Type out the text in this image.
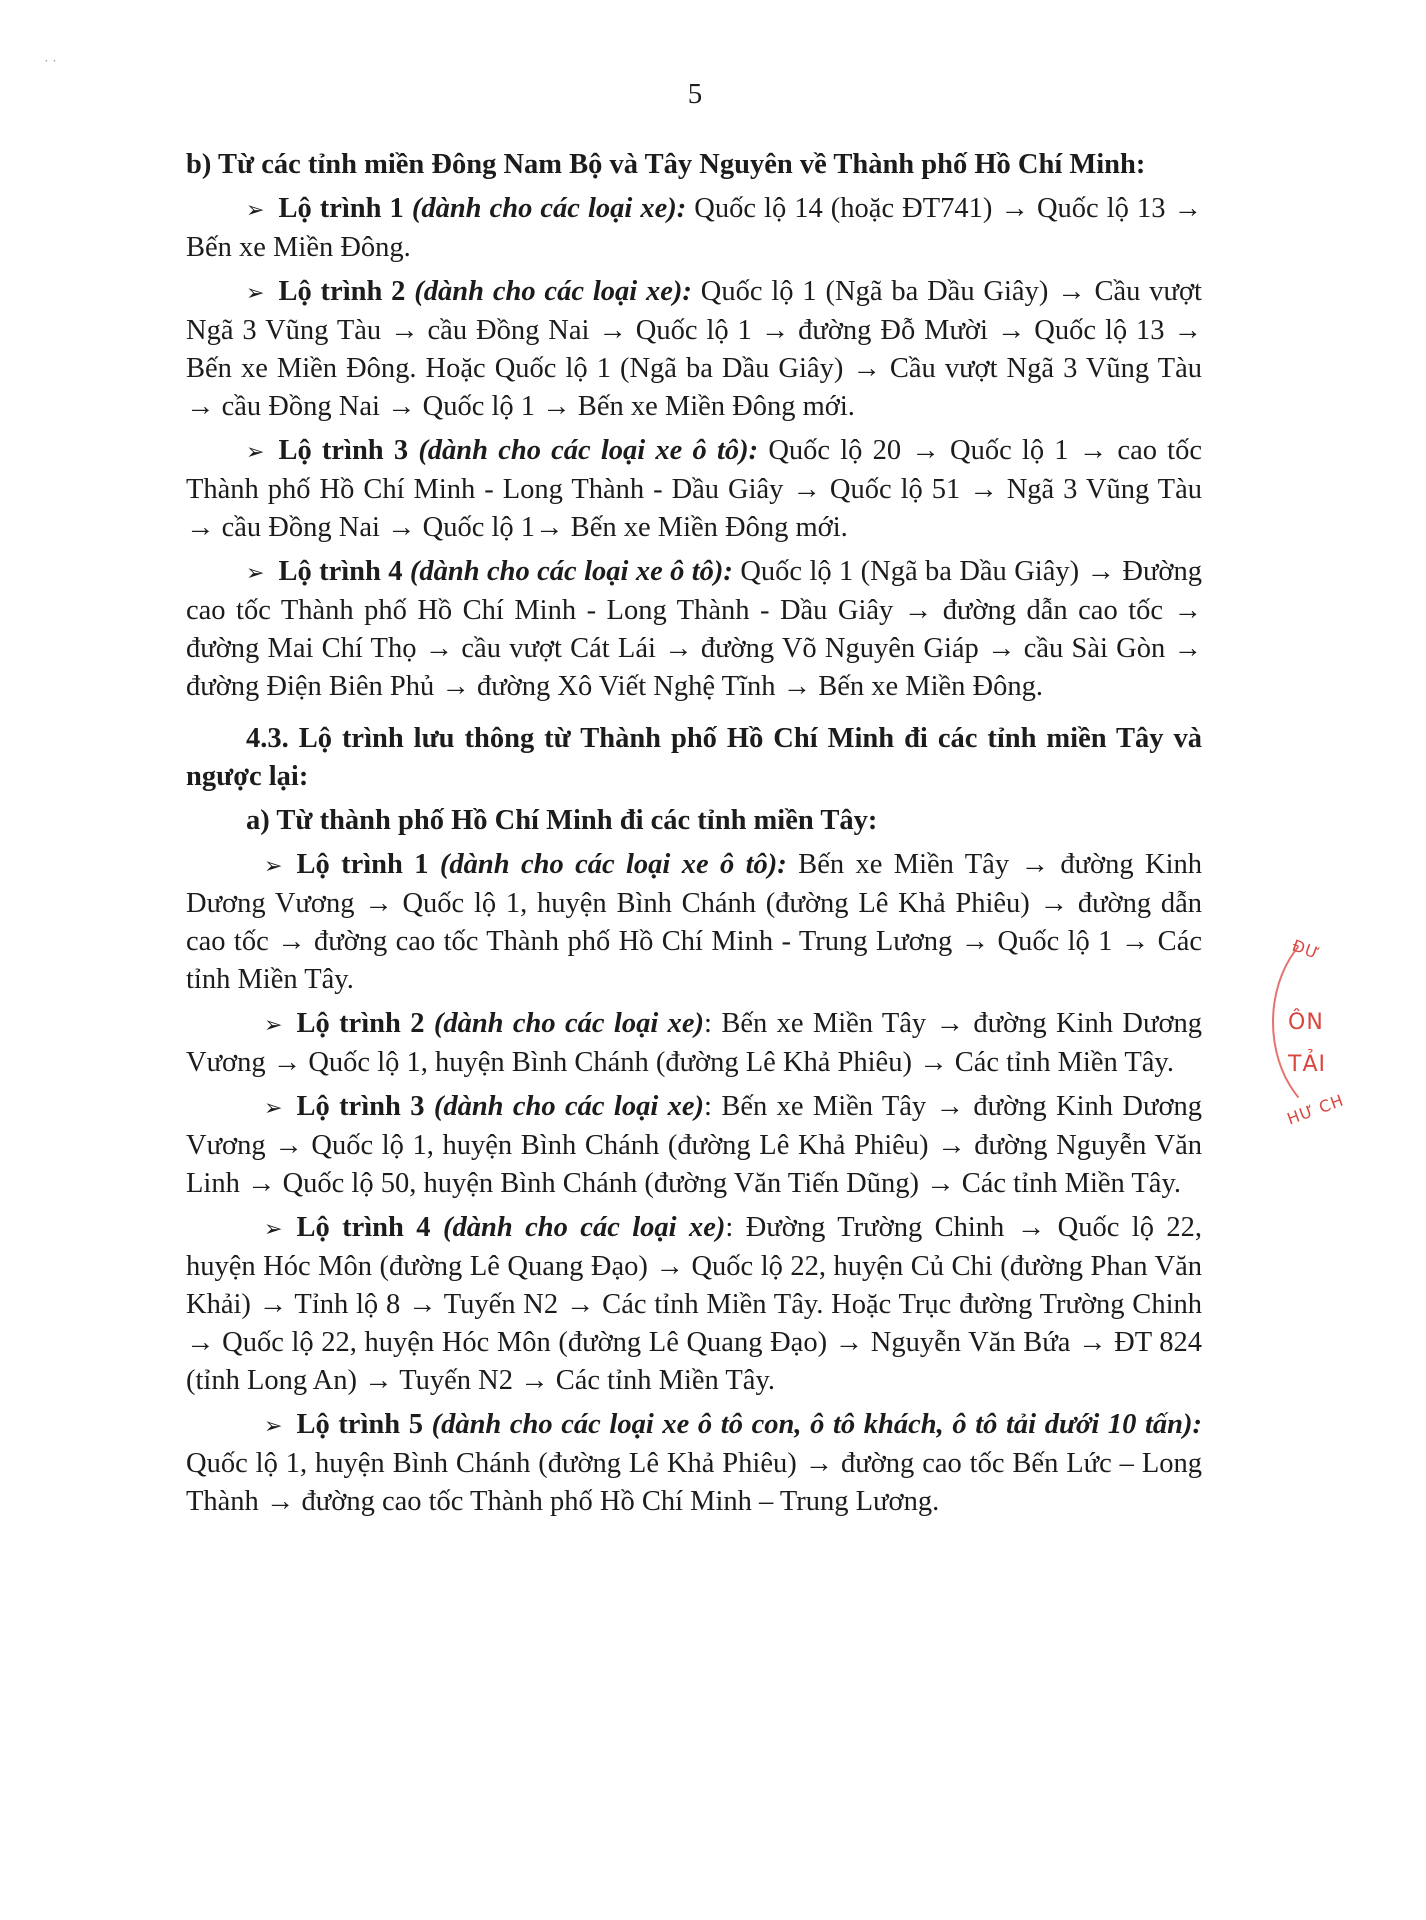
˙ ˙
5

b) Từ các tỉnh miền Đông Nam Bộ và Tây Nguyên về Thành phố Hồ Chí Minh:

➢ Lộ trình 1 (dành cho các loại xe): Quốc lộ 14 (hoặc ĐT741) → Quốc lộ 13 → Bến xe Miền Đông.

➢ Lộ trình 2 (dành cho các loại xe): Quốc lộ 1 (Ngã ba Dầu Giây) → Cầu vượt Ngã 3 Vũng Tàu → cầu Đồng Nai → Quốc lộ 1 → đường Đỗ Mười → Quốc lộ 13 → Bến xe Miền Đông. Hoặc Quốc lộ 1 (Ngã ba Dầu Giây) → Cầu vượt Ngã 3 Vũng Tàu → cầu Đồng Nai → Quốc lộ 1 → Bến xe Miền Đông mới.

➢ Lộ trình 3 (dành cho các loại xe ô tô): Quốc lộ 20 → Quốc lộ 1 → cao tốc Thành phố Hồ Chí Minh - Long Thành - Dầu Giây → Quốc lộ 51 → Ngã 3 Vũng Tàu → cầu Đồng Nai → Quốc lộ 1→ Bến xe Miền Đông mới.

➢ Lộ trình 4 (dành cho các loại xe ô tô): Quốc lộ 1 (Ngã ba Dầu Giây) → Đường cao tốc Thành phố Hồ Chí Minh - Long Thành - Dầu Giây → đường dẫn cao tốc → đường Mai Chí Thọ → cầu vượt Cát Lái → đường Võ Nguyên Giáp → cầu Sài Gòn → đường Điện Biên Phủ → đường Xô Viết Nghệ Tĩnh → Bến xe Miền Đông.

4.3. Lộ trình lưu thông từ Thành phố Hồ Chí Minh đi các tỉnh miền Tây và ngược lại:

a) Từ thành phố Hồ Chí Minh đi các tỉnh miền Tây:

➢ Lộ trình 1 (dành cho các loại xe ô tô): Bến xe Miền Tây → đường Kinh Dương Vương → Quốc lộ 1, huyện Bình Chánh (đường Lê Khả Phiêu) → đường dẫn cao tốc → đường cao tốc Thành phố Hồ Chí Minh - Trung Lương → Quốc lộ 1 → Các tỉnh Miền Tây.

➢ Lộ trình 2 (dành cho các loại xe): Bến xe Miền Tây → đường Kinh Dương Vương → Quốc lộ 1, huyện Bình Chánh (đường Lê Khả Phiêu) → Các tỉnh Miền Tây.

➢ Lộ trình 3 (dành cho các loại xe): Bến xe Miền Tây → đường Kinh Dương Vương → Quốc lộ 1, huyện Bình Chánh (đường Lê Khả Phiêu) → đường Nguyễn Văn Linh → Quốc lộ 50, huyện Bình Chánh (đường Văn Tiến Dũng) → Các tỉnh Miền Tây.

➢ Lộ trình 4 (dành cho các loại xe): Đường Trường Chinh → Quốc lộ 22, huyện Hóc Môn (đường Lê Quang Đạo) → Quốc lộ 22, huyện Củ Chi (đường Phan Văn Khải) → Tỉnh lộ 8 → Tuyến N2 → Các tỉnh Miền Tây. Hoặc Trục đường Trường Chinh → Quốc lộ 22, huyện Hóc Môn (đường Lê Quang Đạo) → Nguyễn Văn Bứa → ĐT 824 (tỉnh Long An) → Tuyến N2 → Các tỉnh Miền Tây.

➢ Lộ trình 5 (dành cho các loại xe ô tô con, ô tô khách, ô tô tải dưới 10 tấn): Quốc lộ 1, huyện Bình Chánh (đường Lê Khả Phiêu) → đường cao tốc Bến Lức – Long Thành → đường cao tốc Thành phố Hồ Chí Minh – Trung Lương.

ĐƯ
ÔN
TẢI
HƯ CH
